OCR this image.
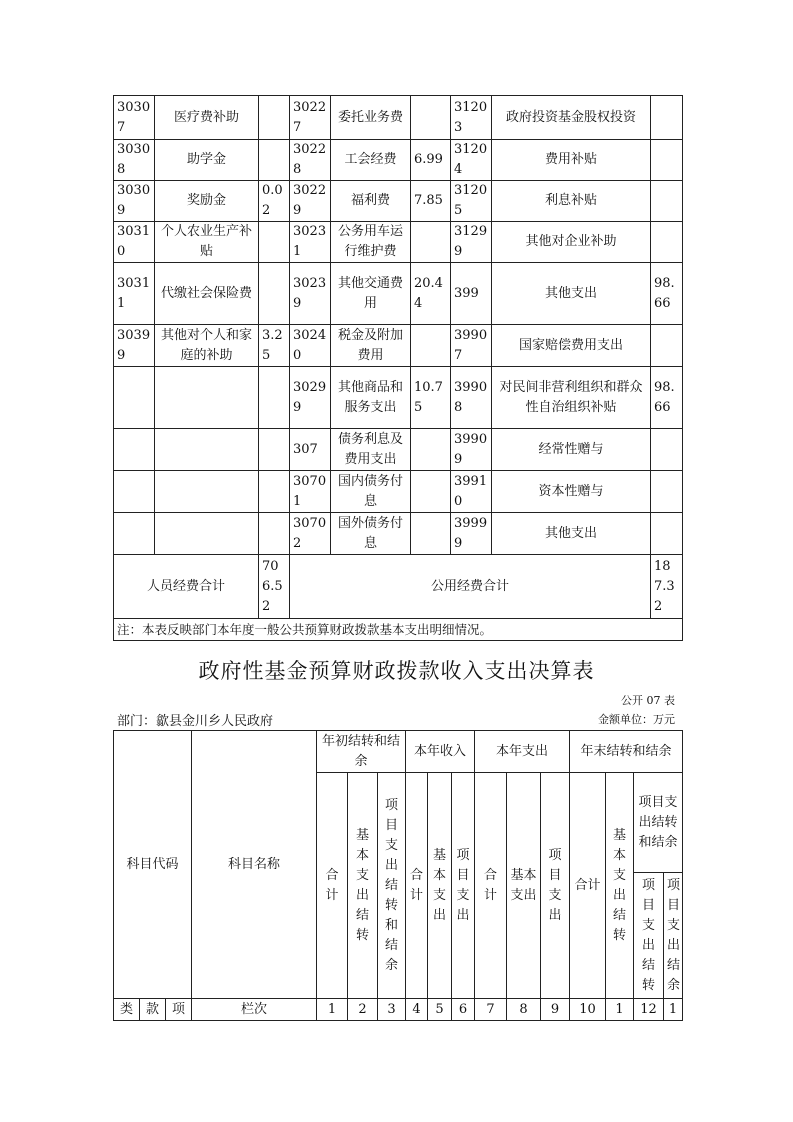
30307	医疗费补助		30227	委托业务费		31203	政府投资基金股权投资	
30308	助学金		30228	工会经费	6.99	31204	费用补贴	
30309	奖励金	0.02	30229	福利费	7.85	31205	利息补贴	
30310	个人农业生产补贴		30231	公务用车运行维护费		31299	其他对企业补助	
30311	代缴社会保险费		30239	其他交通费用	20.44	399	其他支出	98.66
30399	其他对个人和家庭的补助	3.25	30240	税金及附加费用		39907	国家赔偿费用支出	
			30299	其他商品和服务支出	10.75	39908	对民间非营利组织和群众性自治组织补贴	98.66
			307	债务利息及费用支出		39909	经常性赠与	
			30701	国内债务付息		39910	资本性赠与	
			30702	国外债务付息		39999	其他支出	
人员经费合计		706.52	公用经费合计					187.32
注：本表反映部门本年度一般公共预算财政拨款基本支出明细情况。								
政府性基金预算财政拨款收入支出决算表
公开 07 表
部门：歙县金川乡人民政府	金额单位：万元
科目代码			科目名称	年初结转和结余			本年收入			本年支出			年末结转和结余			
				合计	基本支出结转	项目支出结转和结余	合计	基本支出	项目支出	合计	基本支出	项目支出	合计	基本支出结转	项目支出结转和结余	
															项目支出结转	项目支出结余
类	款	项	栏次	1	2	3	4	5	6	7	8	9	10	1	12	1
